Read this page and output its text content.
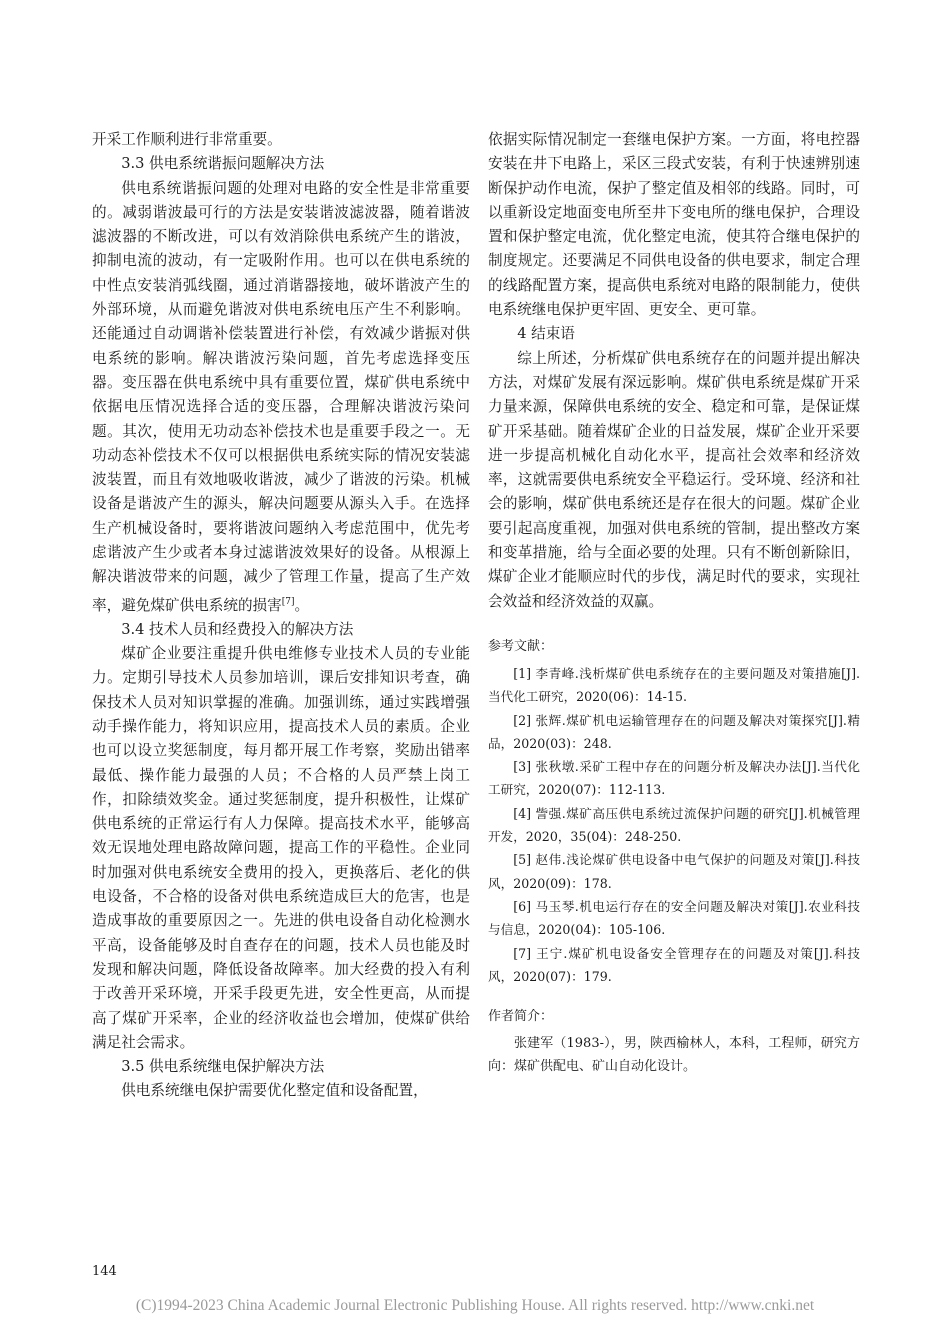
开采工作顺利进行非常重要。

3.3 供电系统谐振问题解决方法

供电系统谐振问题的处理对电路的安全性是非常重要的。减弱谐波最可行的方法是安装谐波滤波器，随着谐波滤波器的不断改进，可以有效消除供电系统产生的谐波，抑制电流的波动，有一定吸附作用。也可以在供电系统的中性点安装消弧线圈，通过消谐器接地，破坏谐波产生的外部环境，从而避免谐波对供电系统电压产生不利影响。还能通过自动调谐补偿装置进行补偿，有效减少谐振对供电系统的影响。解决谐波污染问题，首先考虑选择变压器。变压器在供电系统中具有重要位置，煤矿供电系统中依据电压情况选择合适的变压器，合理解决谐波污染问题。其次，使用无功动态补偿技术也是重要手段之一。无功动态补偿技术不仅可以根据供电系统实际的情况安装滤波装置，而且有效地吸收谐波，减少了谐波的污染。机械设备是谐波产生的源头，解决问题要从源头入手。在选择生产机械设备时，要将谐波问题纳入考虑范围中，优先考虑谐波产生少或者本身过滤谐波效果好的设备。从根源上解决谐波带来的问题，减少了管理工作量，提高了生产效率，避免煤矿供电系统的损害[7]。

3.4 技术人员和经费投入的解决方法

煤矿企业要注重提升供电维修专业技术人员的专业能力。定期引导技术人员参加培训，课后安排知识考查，确保技术人员对知识掌握的准确。加强训练，通过实践增强动手操作能力，将知识应用，提高技术人员的素质。企业也可以设立奖惩制度，每月都开展工作考察，奖励出错率最低、操作能力最强的人员；不合格的人员严禁上岗工作，扣除绩效奖金。通过奖惩制度，提升积极性，让煤矿供电系统的正常运行有人力保障。提高技术水平，能够高效无误地处理电路故障问题，提高工作的平稳性。企业同时加强对供电系统安全费用的投入，更换落后、老化的供电设备，不合格的设备对供电系统造成巨大的危害，也是造成事故的重要原因之一。先进的供电设备自动化检测水平高，设备能够及时自查存在的问题，技术人员也能及时发现和解决问题，降低设备故障率。加大经费的投入有利于改善开采环境，开采手段更先进，安全性更高，从而提高了煤矿开采率，企业的经济收益也会增加，使煤矿供给满足社会需求。

3.5 供电系统继电保护解决方法

供电系统继电保护需要优化整定值和设备配置，

依据实际情况制定一套继电保护方案。一方面，将电控器安装在井下电路上，采区三段式安装，有利于快速辨别速断保护动作电流，保护了整定值及相邻的线路。同时，可以重新设定地面变电所至井下变电所的继电保护，合理设置和保护整定电流，优化整定电流，使其符合继电保护的制度规定。还要满足不同供电设备的供电要求，制定合理的线路配置方案，提高供电系统对电路的限制能力，使供电系统继电保护更牢固、更安全、更可靠。

4 结束语

综上所述，分析煤矿供电系统存在的问题并提出解决方法，对煤矿发展有深远影响。煤矿供电系统是煤矿开采力量来源，保障供电系统的安全、稳定和可靠，是保证煤矿开采基础。随着煤矿企业的日益发展，煤矿企业开采要进一步提高机械化自动化水平，提高社会效率和经济效率，这就需要供电系统安全平稳运行。受环境、经济和社会的影响，煤矿供电系统还是存在很大的问题。煤矿企业要引起高度重视，加强对供电系统的管制，提出整改方案和变革措施，给与全面必要的处理。只有不断创新除旧，煤矿企业才能顺应时代的步伐，满足时代的要求，实现社会效益和经济效益的双赢。

参考文献：

[1] 李青峰.浅析煤矿供电系统存在的主要问题及对策措施[J].当代化工研究，2020(06)：14-15.

[2] 张辉.煤矿机电运输管理存在的问题及解决对策探究[J].精品，2020(03)：248.

[3] 张秋墩.采矿工程中存在的问题分析及解决办法[J].当代化工研究，2020(07)：112-113.

[4] 訾强.煤矿高压供电系统过流保护问题的研究[J].机械管理开发，2020，35(04)：248-250.

[5] 赵伟.浅论煤矿供电设备中电气保护的问题及对策[J].科技风，2020(09)：178.

[6] 马玉琴.机电运行存在的安全问题及解决对策[J].农业科技与信息，2020(04)：105-106.

[7] 王宁.煤矿机电设备安全管理存在的问题及对策[J].科技风，2020(07)：179.

作者简介：

张建军（1983-），男，陕西榆林人，本科，工程师，研究方向：煤矿供配电、矿山自动化设计。

144
(C)1994-2023 China Academic Journal Electronic Publishing House. All rights reserved. http://www.cnki.net
